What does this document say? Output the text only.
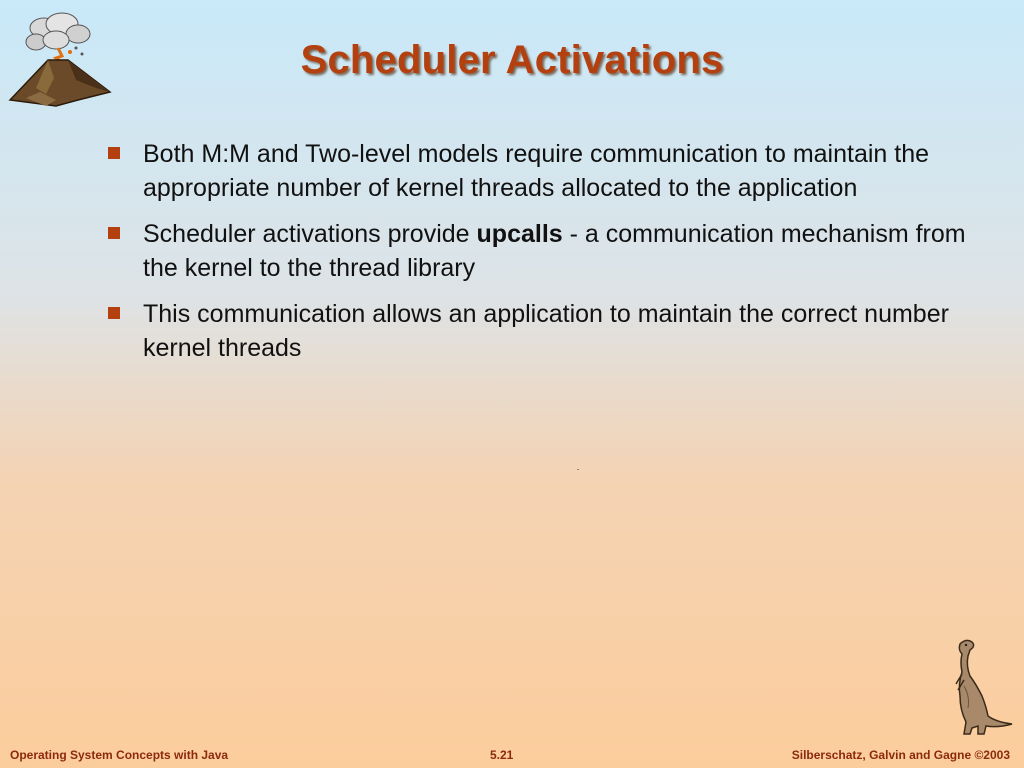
Scheduler Activations
Both M:M and Two-level models require communication to maintain the appropriate number of kernel threads allocated to the application
Scheduler activations provide upcalls - a communication mechanism from the kernel to the thread library
This communication allows an application to maintain the correct number kernel threads
Operating System Concepts with Java	5.21	Silberschatz, Galvin and Gagne ©2003
